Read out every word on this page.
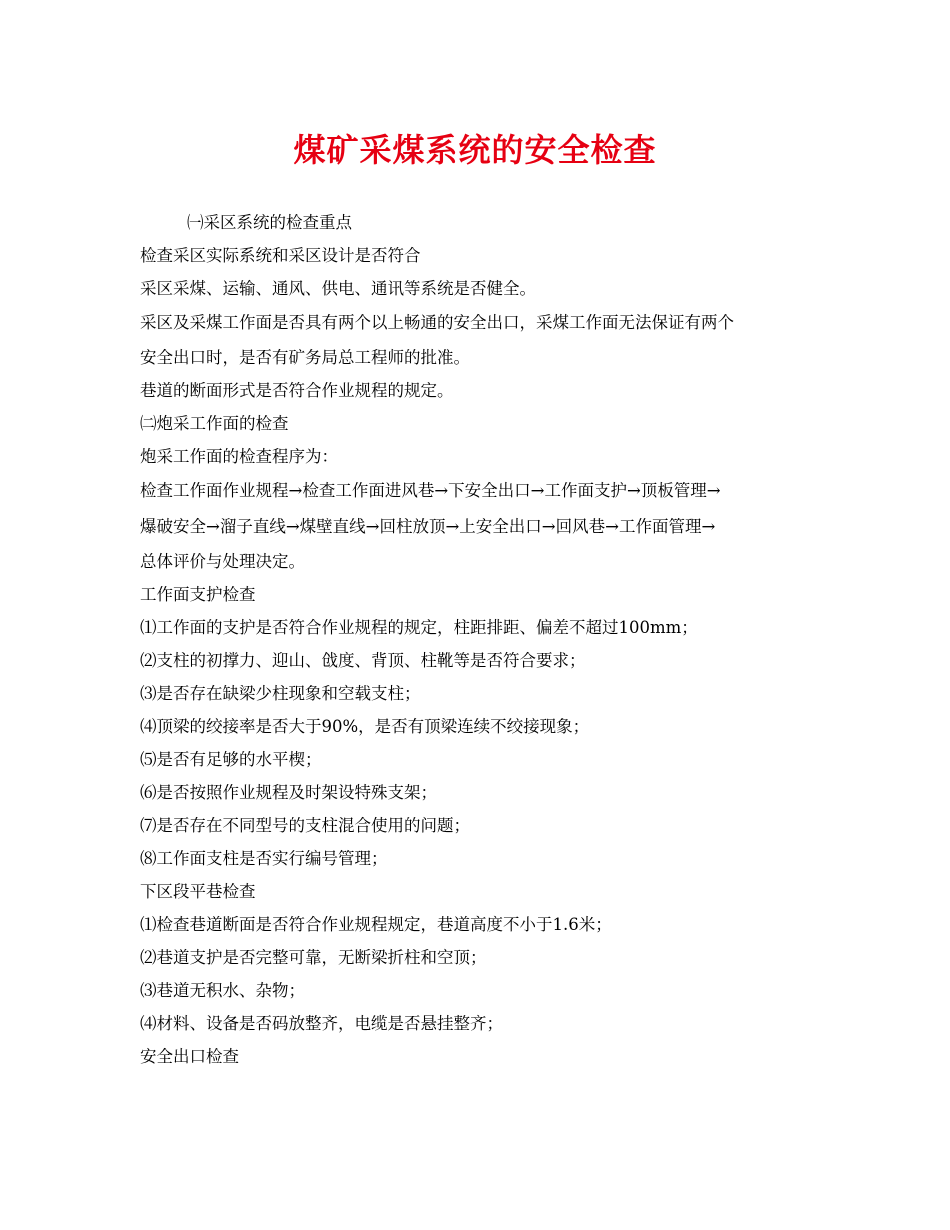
煤矿采煤系统的安全检查
㈠采区系统的检查重点
检查采区实际系统和采区设计是否符合
采区采煤、运输、通风、供电、通讯等系统是否健全。
采区及采煤工作面是否具有两个以上畅通的安全出口，采煤工作面无法保证有两个
安全出口时，是否有矿务局总工程师的批准。
巷道的断面形式是否符合作业规程的规定。
㈡炮采工作面的检查
炮采工作面的检查程序为：
检查工作面作业规程→检查工作面进风巷→下安全出口→工作面支护→顶板管理→
爆破安全→溜子直线→煤壁直线→回柱放顶→上安全出口→回风巷→工作面管理→
总体评价与处理决定。
工作面支护检查
⑴工作面的支护是否符合作业规程的规定，柱距排距、偏差不超过100mm；
⑵支柱的初撑力、迎山、戗度、背顶、柱靴等是否符合要求；
⑶是否存在缺梁少柱现象和空载支柱；
⑷顶梁的绞接率是否大于90%，是否有顶梁连续不绞接现象；
⑸是否有足够的水平楔；
⑹是否按照作业规程及时架设特殊支架；
⑺是否存在不同型号的支柱混合使用的问题；
⑻工作面支柱是否实行编号管理；
下区段平巷检查
⑴检查巷道断面是否符合作业规程规定，巷道高度不小于1.6米；
⑵巷道支护是否完整可靠，无断梁折柱和空顶；
⑶巷道无积水、杂物；
⑷材料、设备是否码放整齐，电缆是否悬挂整齐；
安全出口检查
